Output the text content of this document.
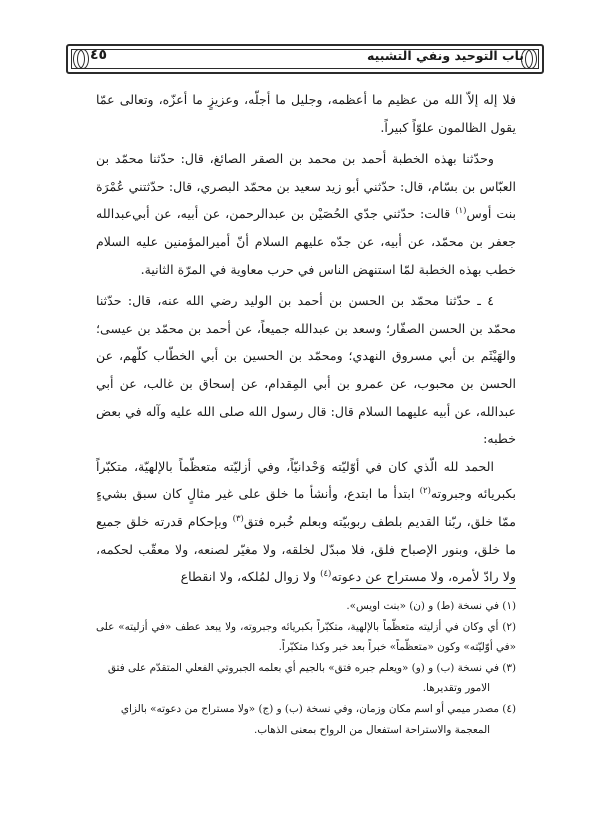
باب التوحيد ونفي التشبيه
٤٥

فلا إله إلاّ الله من عظيم ما أعظمه، وجليل ما أجلّه، وعزيزٍ ما أعزّه، وتعالى عمّا يقول الظالمون علوّاً كبيراً.

وحدّثنا بهذه الخطبة أحمد بن محمد بن الصقر الصائغ، قال: حدّثنا محمّد بن العبّاس بن بسّام، قال: حدّثني أبو زيد سعيد بن محمّد البصري، قال: حدّثتني عُمْرَة بنت أوس$^{(١)}$ قالت: حدّثني جدّي الحُصَيْن بن عبدالرحمن، عن أبيه، عن أبي‌عبدالله جعفر بن محمّد، عن أبيه، عن جدّه عليهم السلام أنّ أميرالمؤمنين عليه السلام خطب بهذه الخطبة لمّا استنهض الناس في حرب معاوية في المرّة الثانية.

٤ ـ حدّثنا محمّد بن الحسن بن أحمد بن الوليد رضي الله عنه، قال: حدّثنا محمّد بن الحسن الصفّار؛ وسعد بن عبدالله جميعاً، عن أحمد بن محمّد بن عيسى؛ والهَيْثَم بن أبي مسروق النهدي؛ ومحمّد بن الحسين بن أبي الخطّاب كلّهم، عن الحسن بن محبوب، عن عمرو بن أبي المِقدام، عن إسحاق بن غالب، عن أبي عبدالله، عن أبيه عليهما السلام قال: قال رسول الله صلى الله عليه وآله في بعض خطبه:

الحمد لله الّذي كان في أوّليّته وَحْدانيّاً، وفي أزليّته متعظّماً بالإلهيّة، متكبّراً بكبريائه وجبروته$^{(٢)}$ ابتدأ ما ابتدع، وأنشأ ما خلق على غير مثالٍ كان سبق بشيءٍ ممّا خلق، ربّنا القديم بلطف ربوبيّته وبعلم خُبره فتق$^{(٣)}$ وبإحكام قدرته خلق جميع ما خلق، وبنور الإصباح فلق، فلا مبدّل لخلقه، ولا مغيّر لصنعه، ولا معقّب لحكمه، ولا رادّ لأمره، ولا مستراح عن دعوته$^{(٤)}$ ولا زوال لمُلكه، ولا انقطاع

(١) في نسخة (ط) و (ن) «بنت اويس».

(٢) أي وكان في أزليته متعظّماً بالإلهية، متكبّراً بكبريائه وجبروته، ولا يبعد عطف «في أزليته» على «في أوّليّته» وكون «متعظّماً» خبراً بعد خبر وكذا متكبّراً.

(٣) في نسخة (ب) و (و) «ويعلم جبره فتق» بالجيم أي بعلمه الجبروتي الفعلي المتقدّم على فتق

الامور وتقديرها.

(٤) مصدر ميمي أو اسم مكان وزمان، وفي نسخة (ب) و (ج) «ولا مستراح من دعوته» بالزاي

المعجمة والاستراحة استفعال من الرواح بمعنى الذهاب.
